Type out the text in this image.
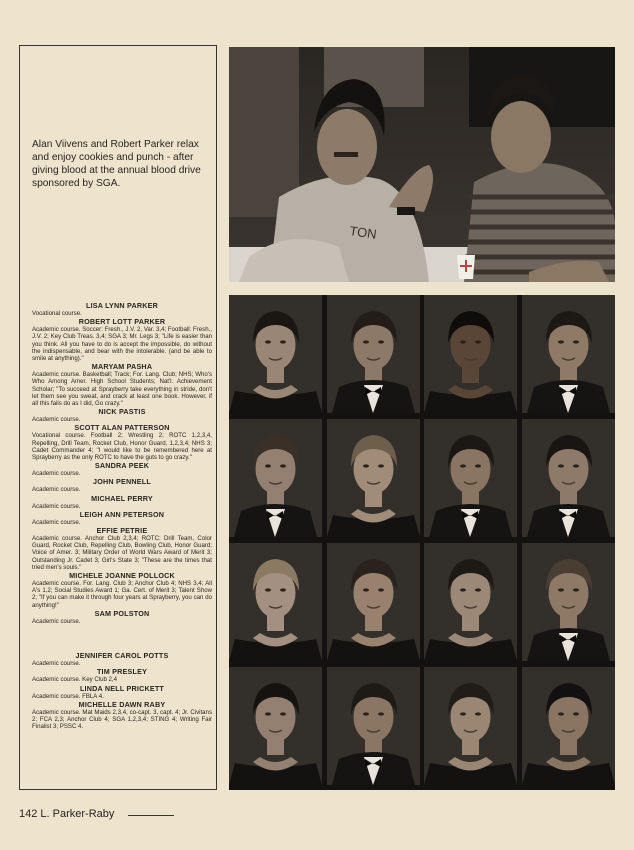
Alan Viivens and Robert Parker relax and enjoy cookies and punch - after giving blood at the annual blood drive sponsored by SGA.
LISA LYNN PARKER
Vocational course.
ROBERT LOTT PARKER
Academic course. Soccer: Fresh., J.V. 2, Var. 3,4; Football: Fresh., J.V. 2; Key Club Treas. 3,4; SGA 3; Mr. Legs 3; "Life is easier than you think. All you have to do is accept the impossible, do without the indispensable, and bear with the intolerable. (and be able to smile at anything)."
MARYAM PASHA
Academic course. Basketball; Track; For. Lang. Club; NHS; Who's Who Among Amer. High School Students; Nat'l. Achievement Scholar; "To succeed at Sprayberry take everything in stride, don't let them see you sweat, and crack at least one book. However, if all this fails do as I did, Go crazy."
NICK PASTIS
Academic course.
SCOTT ALAN PATTERSON
Vocational course. Football 2; Wrestling 2; ROTC 1,2,3,4, Repelling, Drill Team, Rocket Club, Honor Guard, 1,2,3,4; NHS 3; Cadet Commander 4; "I would like to be remembered here at Sprayberry as the only ROTC to have the guts to go crazy."
SANDRA PEEK
Academic course.
JOHN PENNELL
Academic course.
MICHAEL PERRY
Academic course.
LEIGH ANN PETERSON
Academic course.
EFFIE PETRIE
Academic course. Anchor Club 2,3,4; ROTC: Drill Team, Color Guard, Rocket Club, Repelling Club, Bowling Club, Honor Guard; Voice of Amer. 3; Military Order of World Wars Award of Merit 3; Outstanding Jr. Cadet 3; Girl's State 3; "These are the times that tried men's souls."
MICHELE JOANNE POLLOCK
Academic course. For. Lang. Club 3; Anchor Club 4; NHS 3,4; All A's 1,2; Social Studies Award 1; Ga. Cert. of Merit 3; Talent Show 2; "If you can make it through four years at Sprayberry, you can do anything!"
SAM POLSTON
Academic course.
JENNIFER CAROL POTTS
Academic course.
TIM PRESLEY
Academic course. Key Club 2,4
LINDA NELL PRICKETT
Academic course. FBLA 4.
MICHELLE DAWN RABY
Academic course. Mat Maids 2,3,4, co-capt. 3, capt. 4; Jr. Civitans 2; FCA 2,3; Anchor Club 4; SGA 1,2,3,4; STING 4; Writing Fair Finalist 3; PSSC 4.
TON
142 L. Parker-Raby
